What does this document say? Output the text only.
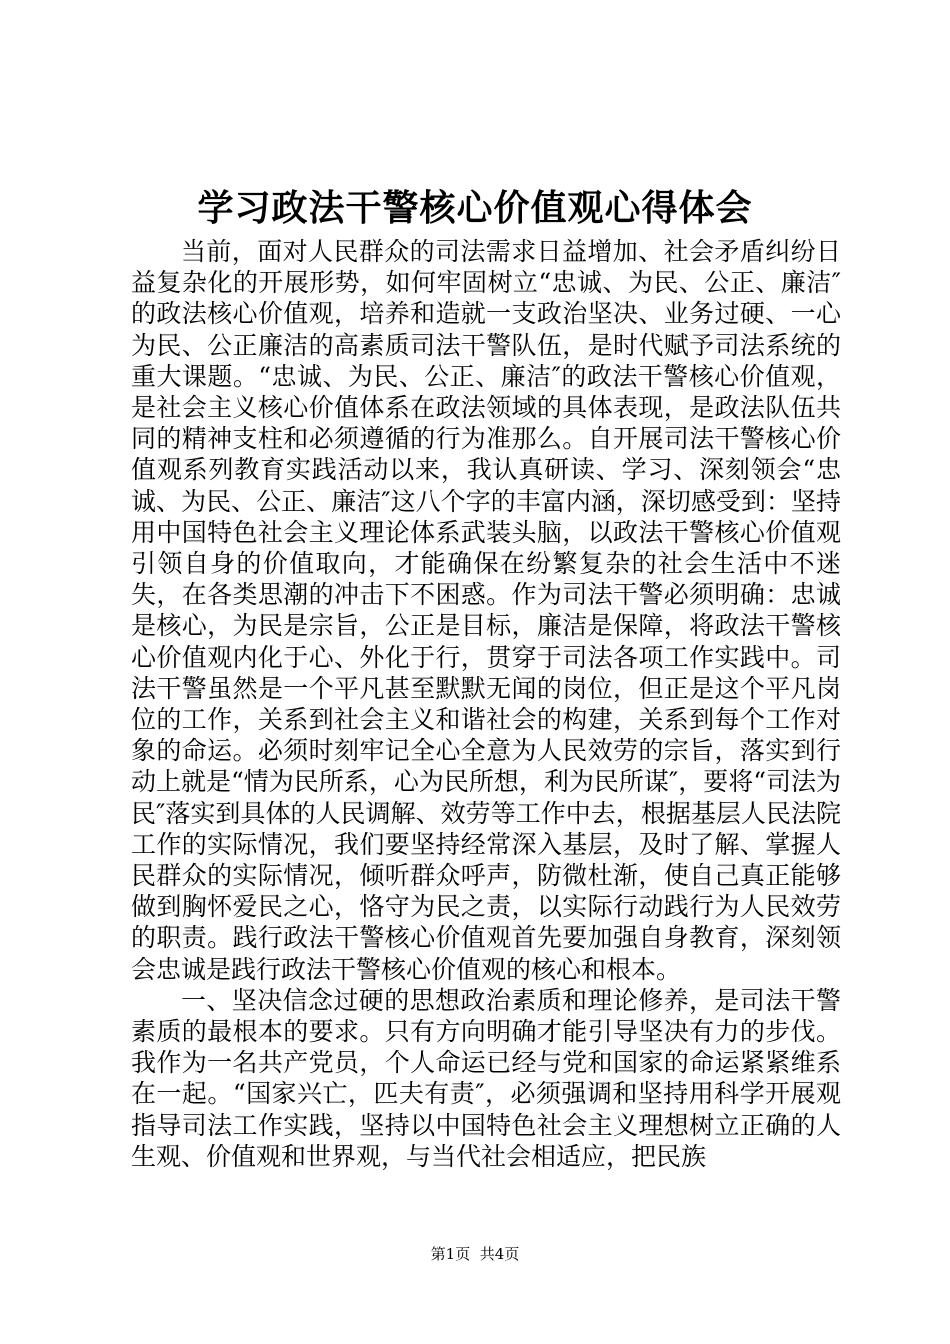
学习政法干警核心价值观心得体会

当前，面对人民群众的司法需求日益增加、社会矛盾纠纷日益复杂化的开展形势，如何牢固树立“忠诚、为民、公正、廉洁″的政法核心价值观，培养和造就一支政治坚决、业务过硬、一心为民、公正廉洁的高素质司法干警队伍，是时代赋予司法系统的重大课题。“忠诚、为民、公正、廉洁″的政法干警核心价值观，是社会主义核心价值体系在政法领域的具体表现，是政法队伍共同的精神支柱和必须遵循的行为准那么。自开展司法干警核心价值观系列教育实践活动以来，我认真研读、学习、深刻领会“忠诚、为民、公正、廉洁″这八个字的丰富内涵，深切感受到：坚持用中国特色社会主义理论体系武装头脑，以政法干警核心价值观引领自身的价值取向，才能确保在纷繁复杂的社会生活中不迷失，在各类思潮的冲击下不困惑。作为司法干警必须明确：忠诚是核心，为民是宗旨，公正是目标，廉洁是保障，将政法干警核心价值观内化于心、外化于行，贯穿于司法各项工作实践中。司法干警虽然是一个平凡甚至默默无闻的岗位，但正是这个平凡岗位的工作，关系到社会主义和谐社会的构建，关系到每个工作对象的命运。必须时刻牢记全心全意为人民效劳的宗旨，落实到行动上就是“情为民所系，心为民所想，利为民所谋″，要将“司法为民″落实到具体的人民调解、效劳等工作中去，根据基层人民法院工作的实际情况，我们要坚持经常深入基层，及时了解、掌握人民群众的实际情况，倾听群众呼声，防微杜渐，使自己真正能够做到胸怀爱民之心，恪守为民之责，以实际行动践行为人民效劳的职责。践行政法干警核心价值观首先要加强自身教育，深刻领会忠诚是践行政法干警核心价值观的核心和根本。

一、坚决信念过硬的思想政治素质和理论修养，是司法干警素质的最根本的要求。只有方向明确才能引导坚决有力的步伐。我作为一名共产党员，个人命运已经与党和国家的命运紧紧维系在一起。“国家兴亡，匹夫有责″，必须强调和坚持用科学开展观指导司法工作实践，坚持以中国特色社会主义理想树立正确的人生观、价值观和世界观，与当代社会相适应，把民族

第1页 共4页
